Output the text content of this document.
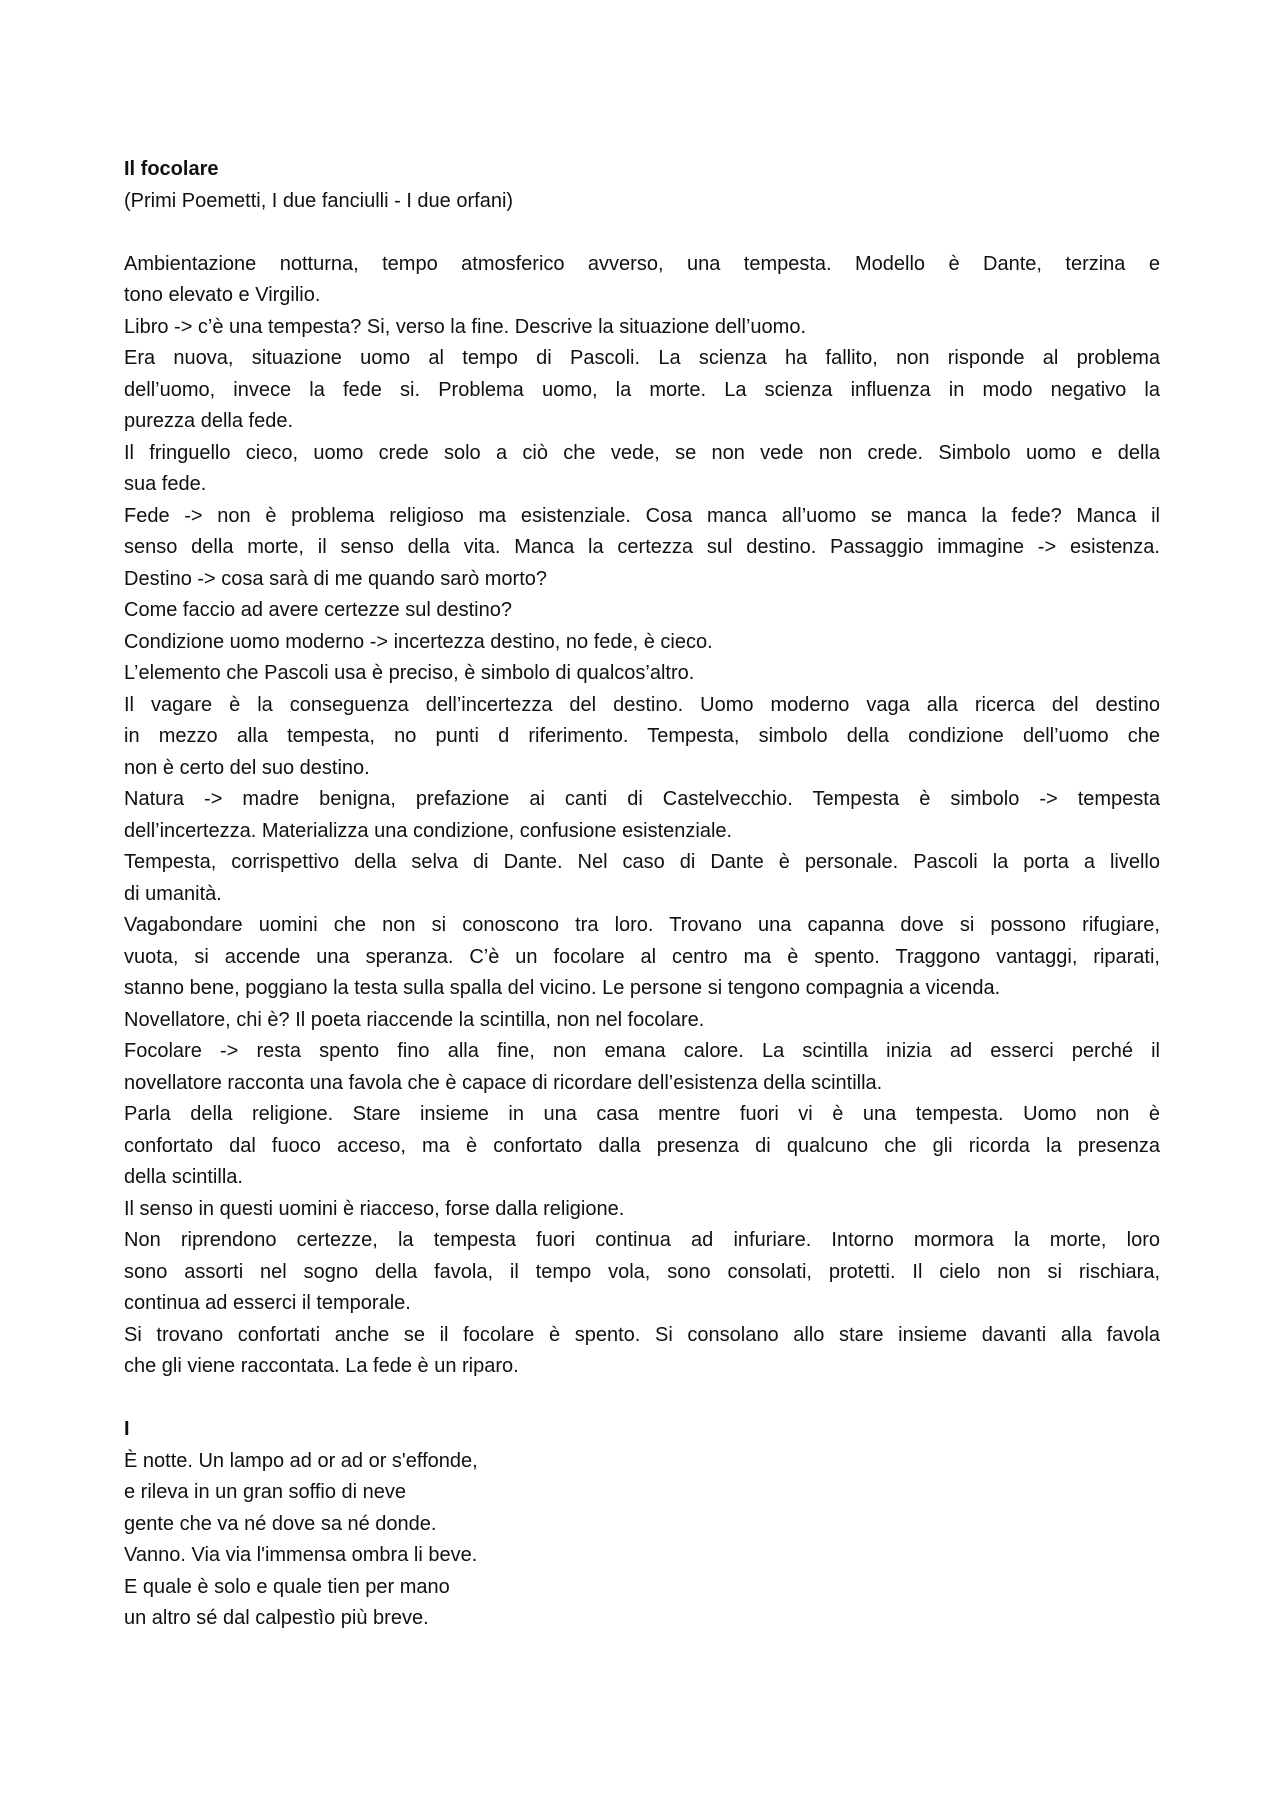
Il focolare
(Primi Poemetti, I due fanciulli - I due orfani)
Ambientazione notturna, tempo atmosferico avverso, una tempesta. Modello è Dante, terzina e
tono elevato e Virgilio.
Libro -> c’è una tempesta? Si, verso la fine. Descrive la situazione dell’uomo.
Era nuova, situazione uomo al tempo di Pascoli. La scienza ha fallito, non risponde al problema
dell’uomo, invece la fede si. Problema uomo, la morte. La scienza influenza in modo negativo la
purezza della fede.
Il fringuello cieco, uomo crede solo a ciò che vede, se non vede non crede. Simbolo uomo e della
sua fede.
Fede -> non è problema religioso ma esistenziale. Cosa manca all’uomo se manca la fede? Manca il
senso della morte, il senso della vita. Manca la certezza sul destino. Passaggio immagine -> esistenza.
Destino -> cosa sarà di me quando sarò morto?
Come faccio ad avere certezze sul destino?
Condizione uomo moderno -> incertezza destino, no fede, è cieco.
L’elemento che Pascoli usa è preciso, è simbolo di qualcos’altro.
Il vagare è la conseguenza dell’incertezza del destino. Uomo moderno vaga alla ricerca del destino
in mezzo alla tempesta, no punti d riferimento. Tempesta, simbolo della condizione dell’uomo che
non è certo del suo destino.
Natura -> madre benigna, prefazione ai canti di Castelvecchio. Tempesta è simbolo -> tempesta
dell’incertezza. Materializza una condizione, confusione esistenziale.
Tempesta, corrispettivo della selva di Dante. Nel caso di Dante è personale. Pascoli la porta a livello
di umanità.
Vagabondare uomini che non si conoscono tra loro. Trovano una capanna dove si possono rifugiare,
vuota, si accende una speranza. C’è un focolare al centro ma è spento. Traggono vantaggi, riparati,
stanno bene, poggiano la testa sulla spalla del vicino. Le persone si tengono compagnia a vicenda.
Novellatore, chi è? Il poeta riaccende la scintilla, non nel focolare.
Focolare -> resta spento fino alla fine, non emana calore. La scintilla inizia ad esserci perché il
novellatore racconta una favola che è capace di ricordare dell’esistenza della scintilla.
Parla della religione. Stare insieme in una casa mentre fuori vi è una tempesta. Uomo non è
confortato dal fuoco acceso, ma è confortato dalla presenza di qualcuno che gli ricorda la presenza
della scintilla.
Il senso in questi uomini è riacceso, forse dalla religione.
Non riprendono certezze, la tempesta fuori continua ad infuriare. Intorno mormora la morte, loro
sono assorti nel sogno della favola, il tempo vola, sono consolati, protetti. Il cielo non si rischiara,
continua ad esserci il temporale.
Si trovano confortati anche se il focolare è spento. Si consolano allo stare insieme davanti alla favola
che gli viene raccontata. La fede è un riparo.
I
È notte. Un lampo ad or ad or s'effonde,
e rileva in un gran soffio di neve
gente che va né dove sa né donde.
Vanno. Via via l'immensa ombra li beve.
E quale è solo e quale tien per mano
un altro sé dal calpestìo più breve.
